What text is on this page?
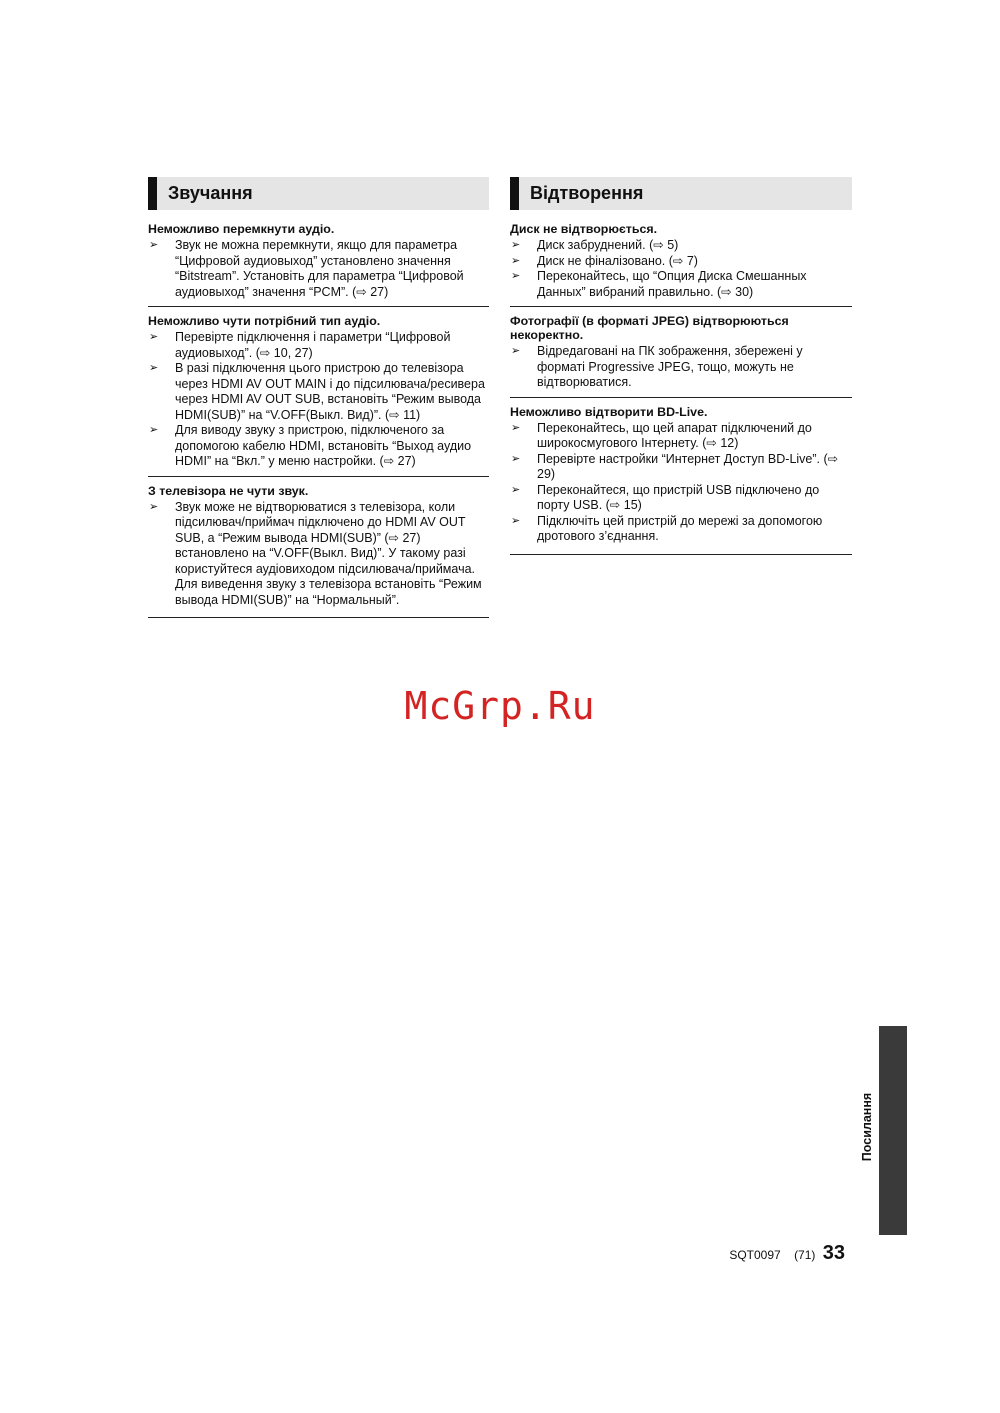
Звучання
Неможливо перемкнути аудіо.
➢ Звук не можна перемкнути, якщо для параметра “Цифровой аудиовыход” установлено значення “Bitstream”. Установіть для параметра “Цифровой аудиовыход” значення “PCM”. (⇨ 27)
Неможливо чути потрібний тип аудіо.
➢ Перевірте підключення і параметри “Цифровой аудиовыход”. (⇨ 10, 27)
➢ В разі підключення цього пристрою до телевізора через HDMI AV OUT MAIN і до підсилювача/ресивера через HDMI AV OUT SUB, встановіть “Режим вывода HDMI(SUB)” на “V.OFF(Выкл. Вид)”. (⇨ 11)
➢ Для виводу звуку з пристрою, підключеного за допомогою кабелю HDMI, встановіть “Выход аудио HDMI” на “Вкл.” у меню настройки. (⇨ 27)
З телевізора не чути звук.
➢ Звук може не відтворюватися з телевізора, коли підсилювач/приймач підключено до HDMI AV OUT SUB, а “Режим вывода HDMI(SUB)” (⇨ 27) встановлено на “V.OFF(Выкл. Вид)”. У такому разі користуйтеся аудіовиходом підсилювача/приймача. Для виведення звуку з телевізора встановіть “Режим вывода HDMI(SUB)” на “Нормальный”.
Відтворення
Диск не відтворюється.
➢ Диск забруднений. (⇨ 5)
➢ Диск не фіналізовано. (⇨ 7)
➢ Переконайтесь, що “Опция Диска Смешанных Данных” вибраний правильно. (⇨ 30)
Фотографії (в форматі JPEG) відтворюються некоректно.
➢ Відредаговані на ПК зображення, збережені у форматі Progressive JPEG, тощо, можуть не відтворюватися.
Неможливо відтворити BD-Live.
➢ Переконайтесь, що цей апарат підключений до широкосмугового Інтернету. (⇨ 12)
➢ Перевірте настройки “Интернет Доступ BD-Live”. (⇨ 29)
➢ Переконайтеся, що пристрій USB підключено до порту USB. (⇨ 15)
➢ Підключіть цей пристрій до мережі за допомогою дротового з’єднання.
McGrp.Ru
Посилання
SQT0097 (71) 33
